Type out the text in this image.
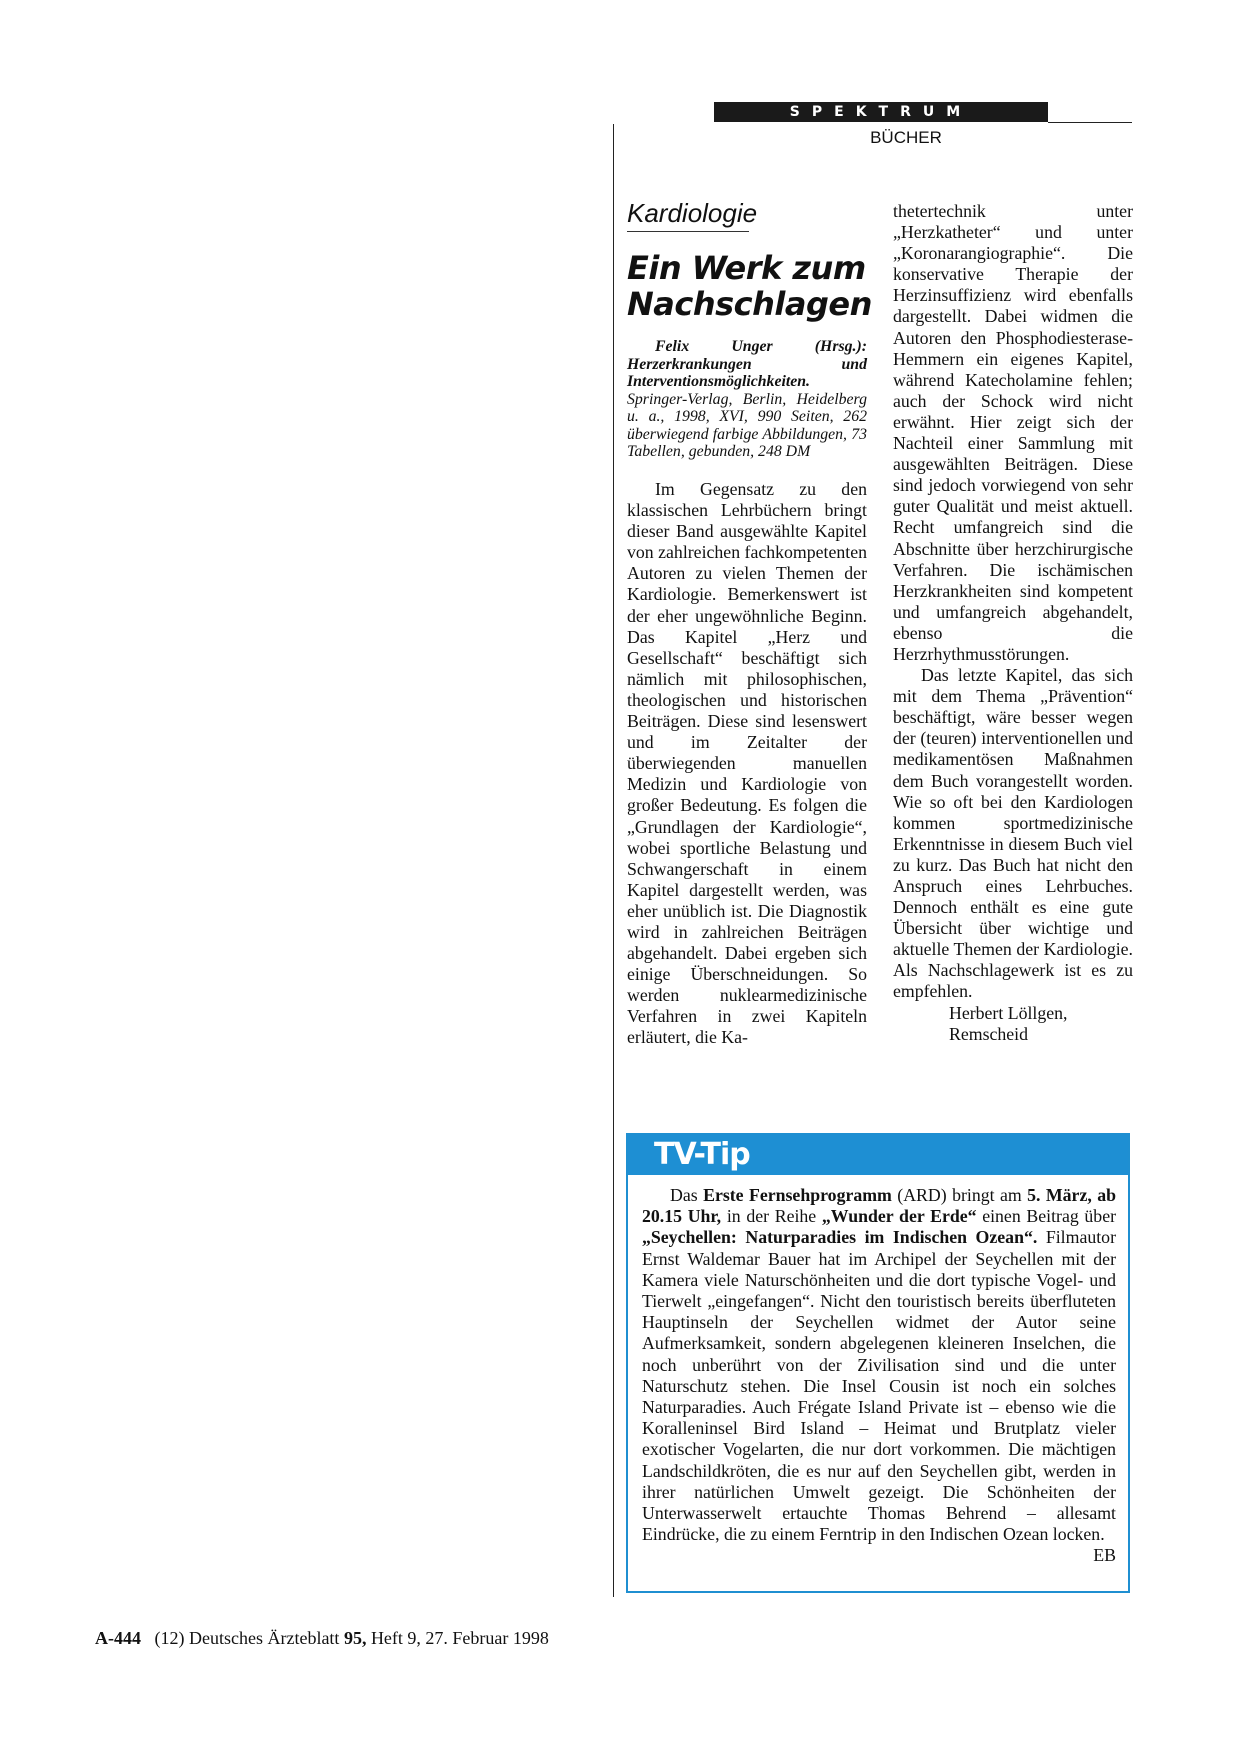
SPEKTRUM
BÜCHER
Kardiologie
Ein Werk zum
Nachschlagen
Felix Unger (Hrsg.): Herzerkrankungen und Interventionsmöglichkeiten. Springer-Verlag, Berlin, Heidelberg u. a., 1998, XVI, 990 Seiten, 262 überwiegend farbige Abbildungen, 73 Tabellen, gebunden, 248 DM

Im Gegensatz zu den klassischen Lehrbüchern bringt dieser Band ausgewählte Kapitel von zahlreichen fachkompetenten Autoren zu vielen Themen der Kardiologie. Bemerkenswert ist der eher ungewöhnliche Beginn. Das Kapitel „Herz und Gesellschaft“ beschäftigt sich nämlich mit philosophischen, theologischen und historischen Beiträgen. Diese sind lesenswert und im Zeitalter der überwiegenden manuellen Medizin und Kardiologie von großer Bedeutung. Es folgen die „Grundlagen der Kardiologie“, wobei sportliche Belastung und Schwangerschaft in einem Kapitel dargestellt werden, was eher unüblich ist. Die Diagnostik wird in zahlreichen Beiträgen abgehandelt. Dabei ergeben sich einige Überschneidungen. So werden nuklearmedizinische Verfahren in zwei Kapiteln erläutert, die Ka-

thetertechnik unter „Herzkatheter“ und unter „Koronarangiographie“. Die konservative Therapie der Herzinsuffizienz wird ebenfalls dargestellt. Dabei widmen die Autoren den Phosphodiesterase-Hemmern ein eigenes Kapitel, während Katecholamine fehlen; auch der Schock wird nicht erwähnt. Hier zeigt sich der Nachteil einer Sammlung mit ausgewählten Beiträgen. Diese sind jedoch vorwiegend von sehr guter Qualität und meist aktuell. Recht umfangreich sind die Abschnitte über herzchirurgische Verfahren. Die ischämischen Herzkrankheiten sind kompetent und umfangreich abgehandelt, ebenso die Herzrhythmusstörungen.

Das letzte Kapitel, das sich mit dem Thema „Prävention“ beschäftigt, wäre besser wegen der (teuren) interventionellen und medikamentösen Maßnahmen dem Buch vorangestellt worden. Wie so oft bei den Kardiologen kommen sportmedizinische Erkenntnisse in diesem Buch viel zu kurz. Das Buch hat nicht den Anspruch eines Lehrbuches. Dennoch enthält es eine gute Übersicht über wichtige und aktuelle Themen der Kardiologie. Als Nachschlagewerk ist es zu empfehlen.

Herbert Löllgen,

Remscheid

TV-Tip

Das Erste Fernsehprogramm (ARD) bringt am 5. März, ab 20.15 Uhr, in der Reihe „Wunder der Erde“ einen Beitrag über „Seychellen: Naturparadies im Indischen Ozean“. Filmautor Ernst Waldemar Bauer hat im Archipel der Seychellen mit der Kamera viele Naturschönheiten und die dort typische Vogel- und Tierwelt „eingefangen“. Nicht den touristisch bereits überfluteten Hauptinseln der Seychellen widmet der Autor seine Aufmerksamkeit, sondern abgelegenen kleineren Inselchen, die noch unberührt von der Zivilisation sind und die unter Naturschutz stehen. Die Insel Cousin ist noch ein solches Naturparadies. Auch Frégate Island Private ist – ebenso wie die Koralleninsel Bird Island – Heimat und Brutplatz vieler exotischer Vogelarten, die nur dort vorkommen. Die mächtigen Landschildkröten, die es nur auf den Seychellen gibt, werden in ihrer natürlichen Umwelt gezeigt. Die Schönheiten der Unterwasserwelt ertauchte Thomas Behrend – allesamt Eindrücke, die zu einem Ferntrip in den Indischen Ozean locken.
EB

A-444 (12) Deutsches Ärzteblatt 95, Heft 9, 27. Februar 1998
